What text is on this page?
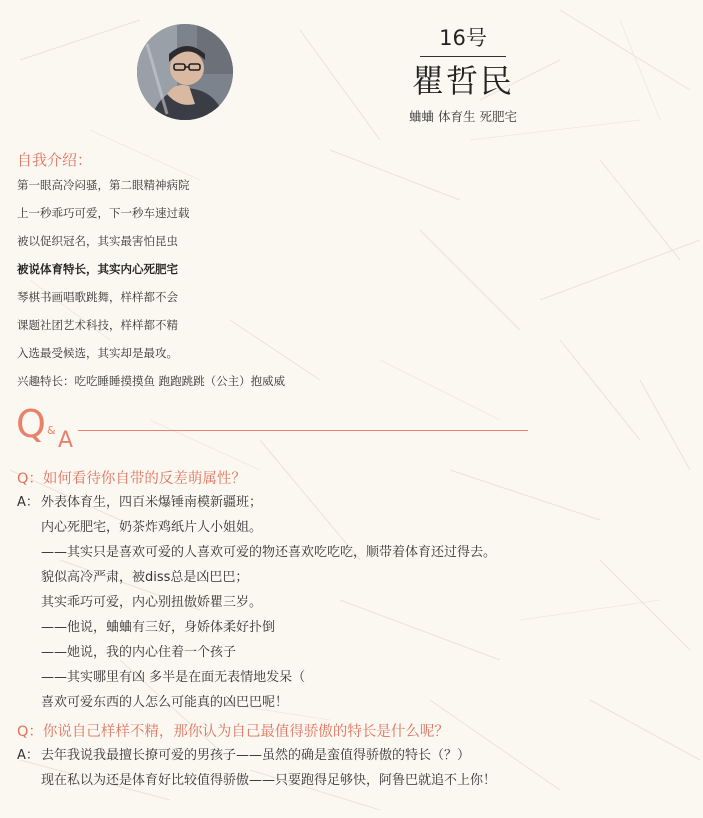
16号
瞿哲民
蛐蛐 体育生 死肥宅
自我介绍：
第一眼高冷闷骚，第二眼精神病院
上一秒乖巧可爱，下一秒车速过载
被以促织冠名，其实最害怕昆虫
被说体育特长，其实内心死肥宅
琴棋书画唱歌跳舞，样样都不会
课题社团艺术科技，样样都不精
入选最受候选，其实却是最攻。
兴趣特长：吃吃睡睡摸摸鱼 跑跑跳跳（公主）抱威威
Q & A
Q：如何看待你自带的反差萌属性？
A： 外表体育生，四百米爆锤南模新疆班；
内心死肥宅，奶茶炸鸡纸片人小姐姐。
——其实只是喜欢可爱的人喜欢可爱的物还喜欢吃吃吃，顺带着体育还过得去。
貌似高冷严肃，被diss总是凶巴巴；
其实乖巧可爱，内心别扭傲娇瞿三岁。
——他说，蛐蛐有三好，身娇体柔好扑倒
——她说，我的内心住着一个孩子
——其实哪里有凶 多半是在面无表情地发呆（
喜欢可爱东西的人怎么可能真的凶巴巴呢！
Q：你说自己样样不精，那你认为自己最值得骄傲的特长是什么呢？
A： 去年我说我最擅长撩可爱的男孩子——虽然的确是蛮值得骄傲的特长（？）
现在私以为还是体育好比较值得骄傲——只要跑得足够快，阿鲁巴就追不上你！
